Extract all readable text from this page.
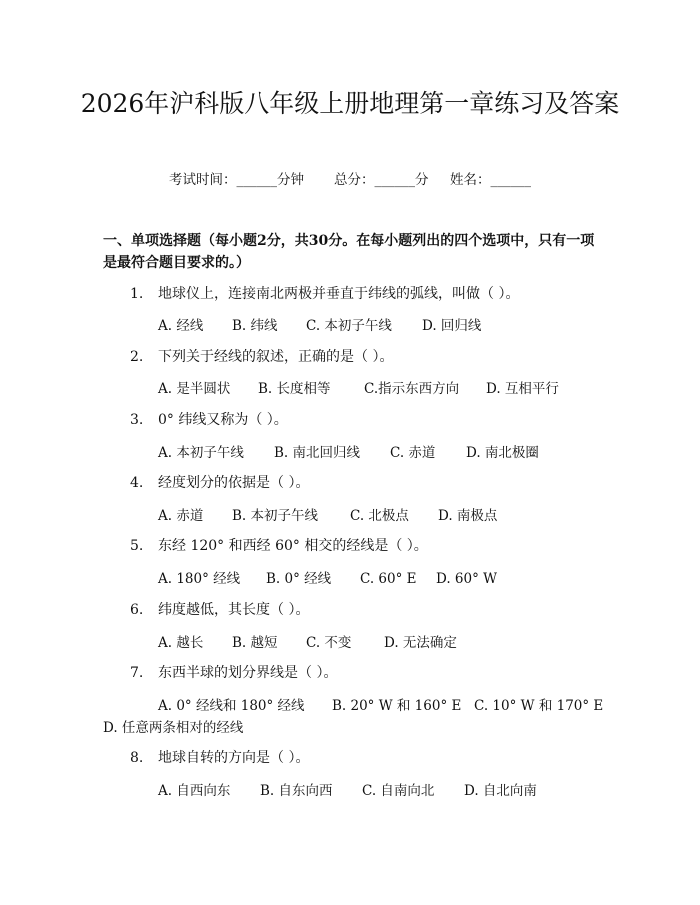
2026年沪科版八年级上册地理第一章练习及答案
考试时间：______分钟 总分：______分 姓名：______
一、单项选择题（每小题2分，共30分。在每小题列出的四个选项中，只有一项是最符合题目要求的。）
1. 地球仪上，连接南北两极并垂直于纬线的弧线，叫做（ ）。
A. 经线 B. 纬线 C. 本初子午线 D. 回归线
2. 下列关于经线的叙述，正确的是（ ）。
A. 是半圆状 B. 长度相等 C.指示东西方向 D. 互相平行
3. 0° 纬线又称为（ ）。
A. 本初子午线 B. 南北回归线 C. 赤道 D. 南北极圈
4. 经度划分的依据是（ ）。
A. 赤道 B. 本初子午线 C. 北极点 D. 南极点
5. 东经 120° 和西经 60° 相交的经线是（ ）。
A. 180° 经线 B. 0° 经线 C. 60° E D. 60° W
6. 纬度越低，其长度（ ）。
A. 越长 B. 越短 C. 不变 D. 无法确定
7. 东西半球的划分界线是（ ）。
A. 0° 经线和 180° 经线 B. 20° W 和 160° E C. 10° W 和 170° E
D. 任意两条相对的经线
8. 地球自转的方向是（ ）。
A. 自西向东 B. 自东向西 C. 自南向北 D. 自北向南
